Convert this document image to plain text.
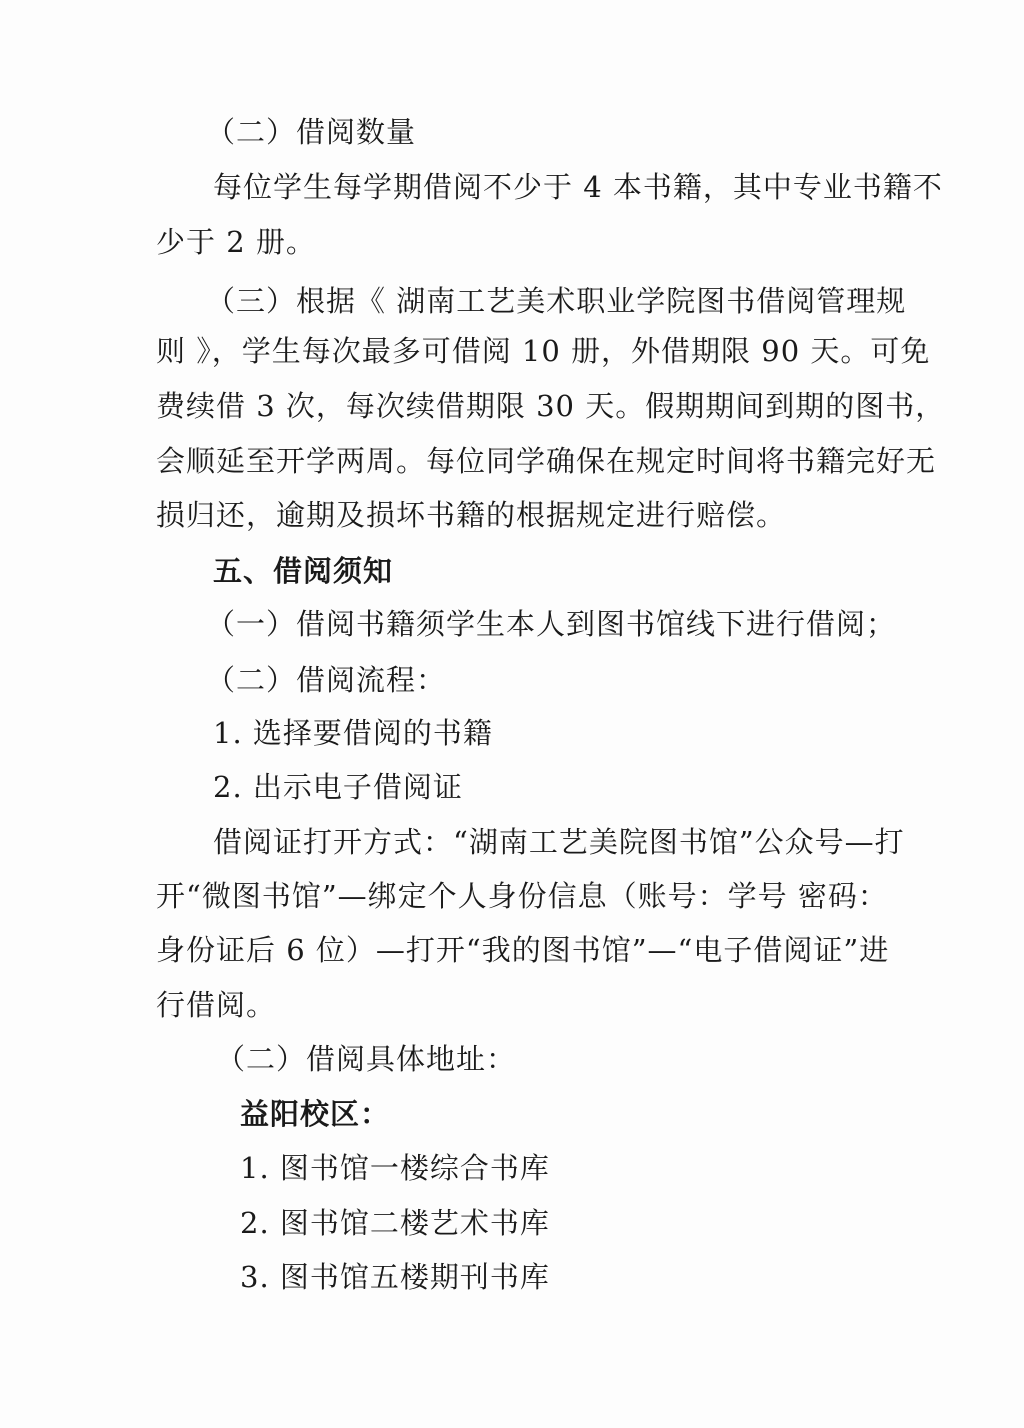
（二）借阅数量
每位学生每学期借阅不少于 4 本书籍，其中专业书籍不
少于 2 册。
（三）根据《 湖南工艺美术职业学院图书借阅管理规
则 》，学生每次最多可借阅 10 册，外借期限 90 天。可免
费续借 3 次，每次续借期限 30 天。假期期间到期的图书，
会顺延至开学两周。每位同学确保在规定时间将书籍完好无
损归还，逾期及损坏书籍的根据规定进行赔偿。
五、借阅须知
（一）借阅书籍须学生本人到图书馆线下进行借阅；
（二）借阅流程：
1. 选择要借阅的书籍
2. 出示电子借阅证
借阅证打开方式：“湖南工艺美院图书馆”公众号—打
开“微图书馆”—绑定个人身份信息（账号：学号 密码：
身份证后 6 位）—打开“我的图书馆”—“电子借阅证”进
行借阅。
（二）借阅具体地址：
益阳校区：
1. 图书馆一楼综合书库
2. 图书馆二楼艺术书库
3. 图书馆五楼期刊书库
